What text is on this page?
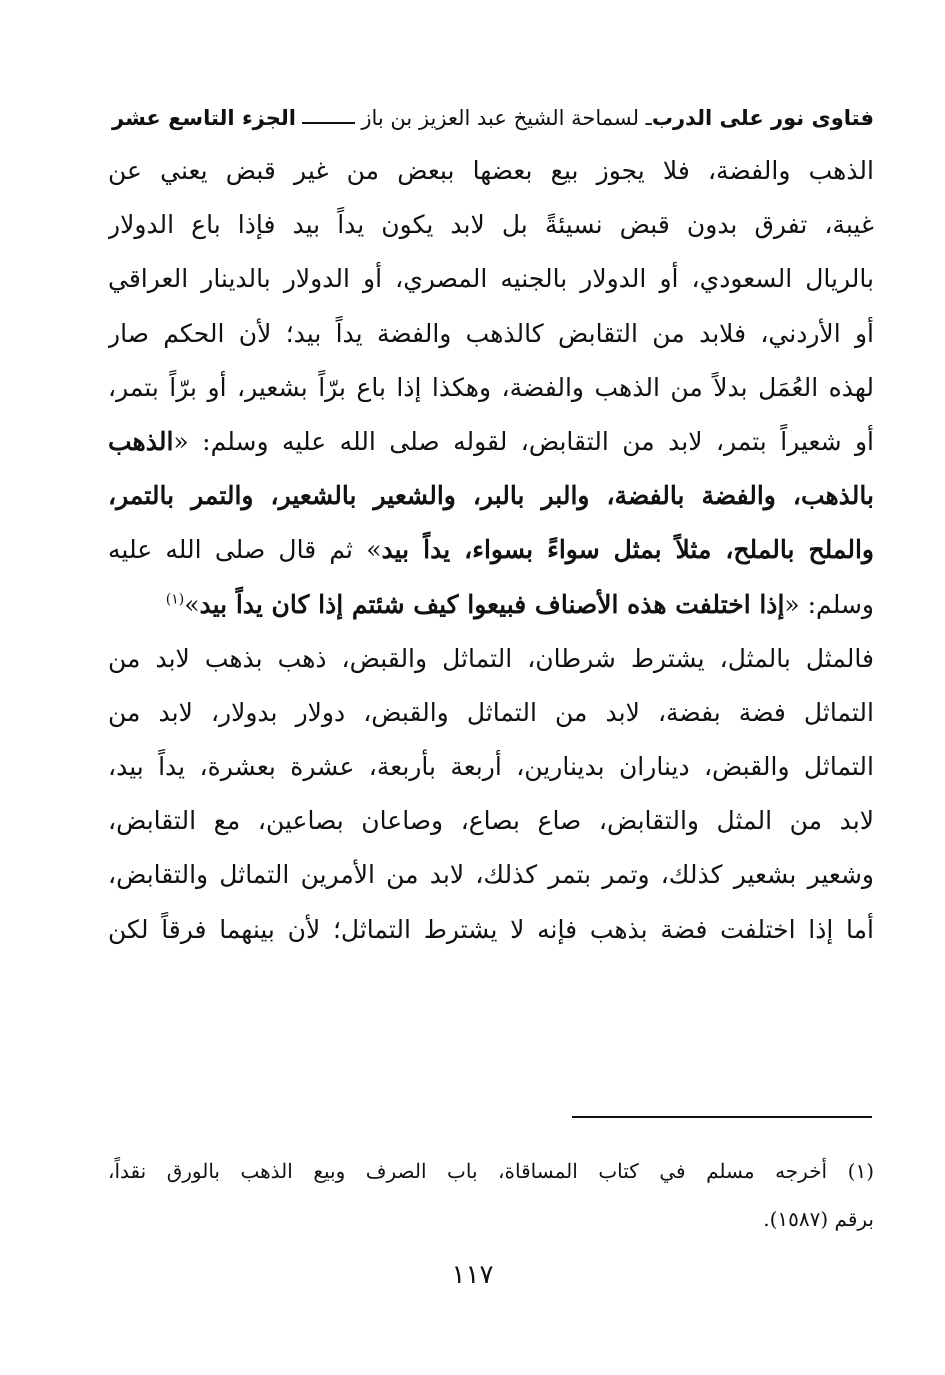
فتاوى نور على الدرب
ـ لسماحة الشيخ عبد العزيز بن باز
الجزء التاسع عشر
الذهب والفضة، فلا يجوز بيع بعضها ببعض من غير قبض يعني عن
غيبة، تفرق بدون قبض نسيئةً بل لابد يكون يداً بيد فإذا باع الدولار
بالريال السعودي، أو الدولار بالجنيه المصري، أو الدولار بالدينار العراقي
أو الأردني، فلابد من التقابض كالذهب والفضة يداً بيد؛ لأن الحكم صار
لهذه العُمَل بدلاً من الذهب والفضة، وهكذا إذا باع برّاً بشعير، أو برّاً بتمر،
أو شعيراً بتمر، لابد من التقابض، لقوله صلى الله عليه وسلم: «الذهب
بالذهب، والفضة بالفضة، والبر بالبر، والشعير بالشعير، والتمر بالتمر،
والملح بالملح، مثلاً بمثل سواءً بسواء، يداً بيد» ثم قال صلى الله عليه
وسلم: «إذا اختلفت هذه الأصناف فبيعوا كيف شئتم إذا كان يداً بيد»$^{(١)}$
فالمثل بالمثل، يشترط شرطان، التماثل والقبض، ذهب بذهب لابد من
التماثل فضة بفضة، لابد من التماثل والقبض، دولار بدولار، لابد من
التماثل والقبض، ديناران بدينارين، أربعة بأربعة، عشرة بعشرة، يداً بيد،
لابد من المثل والتقابض، صاع بصاع، وصاعان بصاعين، مع التقابض،
وشعير بشعير كذلك، وتمر بتمر كذلك، لابد من الأمرين التماثل والتقابض،
أما إذا اختلفت فضة بذهب فإنه لا يشترط التماثل؛ لأن بينهما فرقاً لكن
(١) أخرجه مسلم في كتاب المساقاة، باب الصرف وبيع الذهب بالورق نقداً،
برقم (١٥٨٧).
١١٧
